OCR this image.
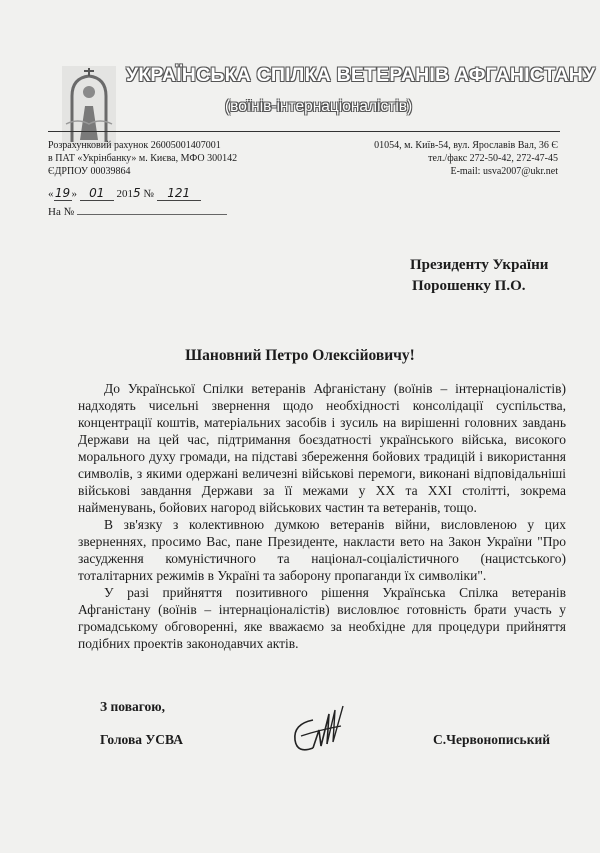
УКРАЇНСЬКА СПІЛКА ВЕТЕРАНІВ АФГАНІСТАНУ
(воїнів-інтернаціоналістів)
Розрахунковий рахунок 26005001407001
в ПАТ «Укрінбанку» м. Києва, МФО 300142
ЄДРПОУ 00039864
01054, м. Київ-54, вул. Ярославів Вал, 36 Є
тел./факс 272-50-42, 272-47-45
E-mail: usva2007@ukr.net
«19» 01 2015 № 121
На №
Президенту України
Порошенку П.О.
Шановний Петро Олексійовичу!

До Української Спілки ветеранів Афганістану (воїнів – інтернаціоналістів) надходять чисельні звернення щодо необхідності консолідації суспільства, концентрації коштів, матеріальних засобів і зусиль на вирішенні головних завдань Держави на цей час, підтримання боєздатності українського війська, високого морального духу громади, на підставі збереження бойових традицій і використання символів, з якими одержані величезні військові перемоги, виконані відповідальніші військові завдання Держави за її межами у ХХ та ХХІ столітті, зокрема найменувань, бойових нагород військових частин та ветеранів, тощо.

В зв'язку з колективною думкою ветеранів війни, висловленою у цих зверненнях, просимо Вас, пане Президенте, накласти вето на Закон України "Про засудження комуністичного та націонал-соціалістичного (нацистського) тоталітарних режимів в Україні та заборону пропаганди їх символіки".

У разі прийняття позитивного рішення Українська Спілка ветеранів Афганістану (воїнів – інтернаціоналістів) висловлює готовність брати участь у громадському обговоренні, яке вважаємо за необхідне для процедури прийняття подібних проектів законодавчих актів.

З повагою,
Голова УСВА	С.Червонописький
